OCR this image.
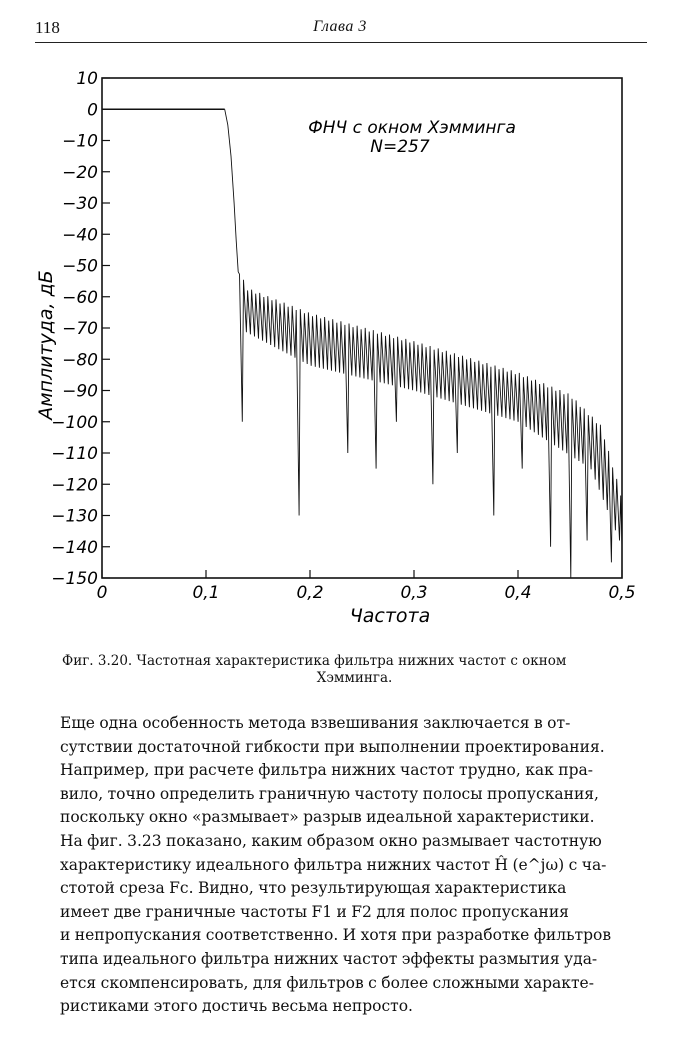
118	Глава 3
10
0
−10
−20
−30
−40
−50
−60
−70
−80
−90
−100
−110
−120
−130
−140
−150
0	0,1	0,2	0,3	0,4	0,5
ФНЧ с окном Хэмминга
N=257
Частота
Амплитуда, дБ
Фиг. 3.20. Частотная характеристика фильтра нижних частот с окном
Хэмминга.

Еще одна особенность метода взвешивания заключается в от-

сутствии достаточной гибкости при выполнении проектирования.

Например, при расчете фильтра нижних частот трудно, как пра-

вило, точно определить граничную частоту полосы пропускания,

поскольку окно «размывает» разрыв идеальной характеристики.

На фиг. 3.23 показано, каким образом окно размывает частотную

характеристику идеального фильтра нижних частот Ĥ (e^jω) с ча-

стотой среза Fc. Видно, что результирующая характеристика

имеет две граничные частоты F1 и F2 для полос пропускания

и непропускания соответственно. И хотя при разработке фильтров

типа идеального фильтра нижних частот эффекты размытия уда-

ется скомпенсировать, для фильтров с более сложными характе-

ристиками этого достичь весьма непросто.
